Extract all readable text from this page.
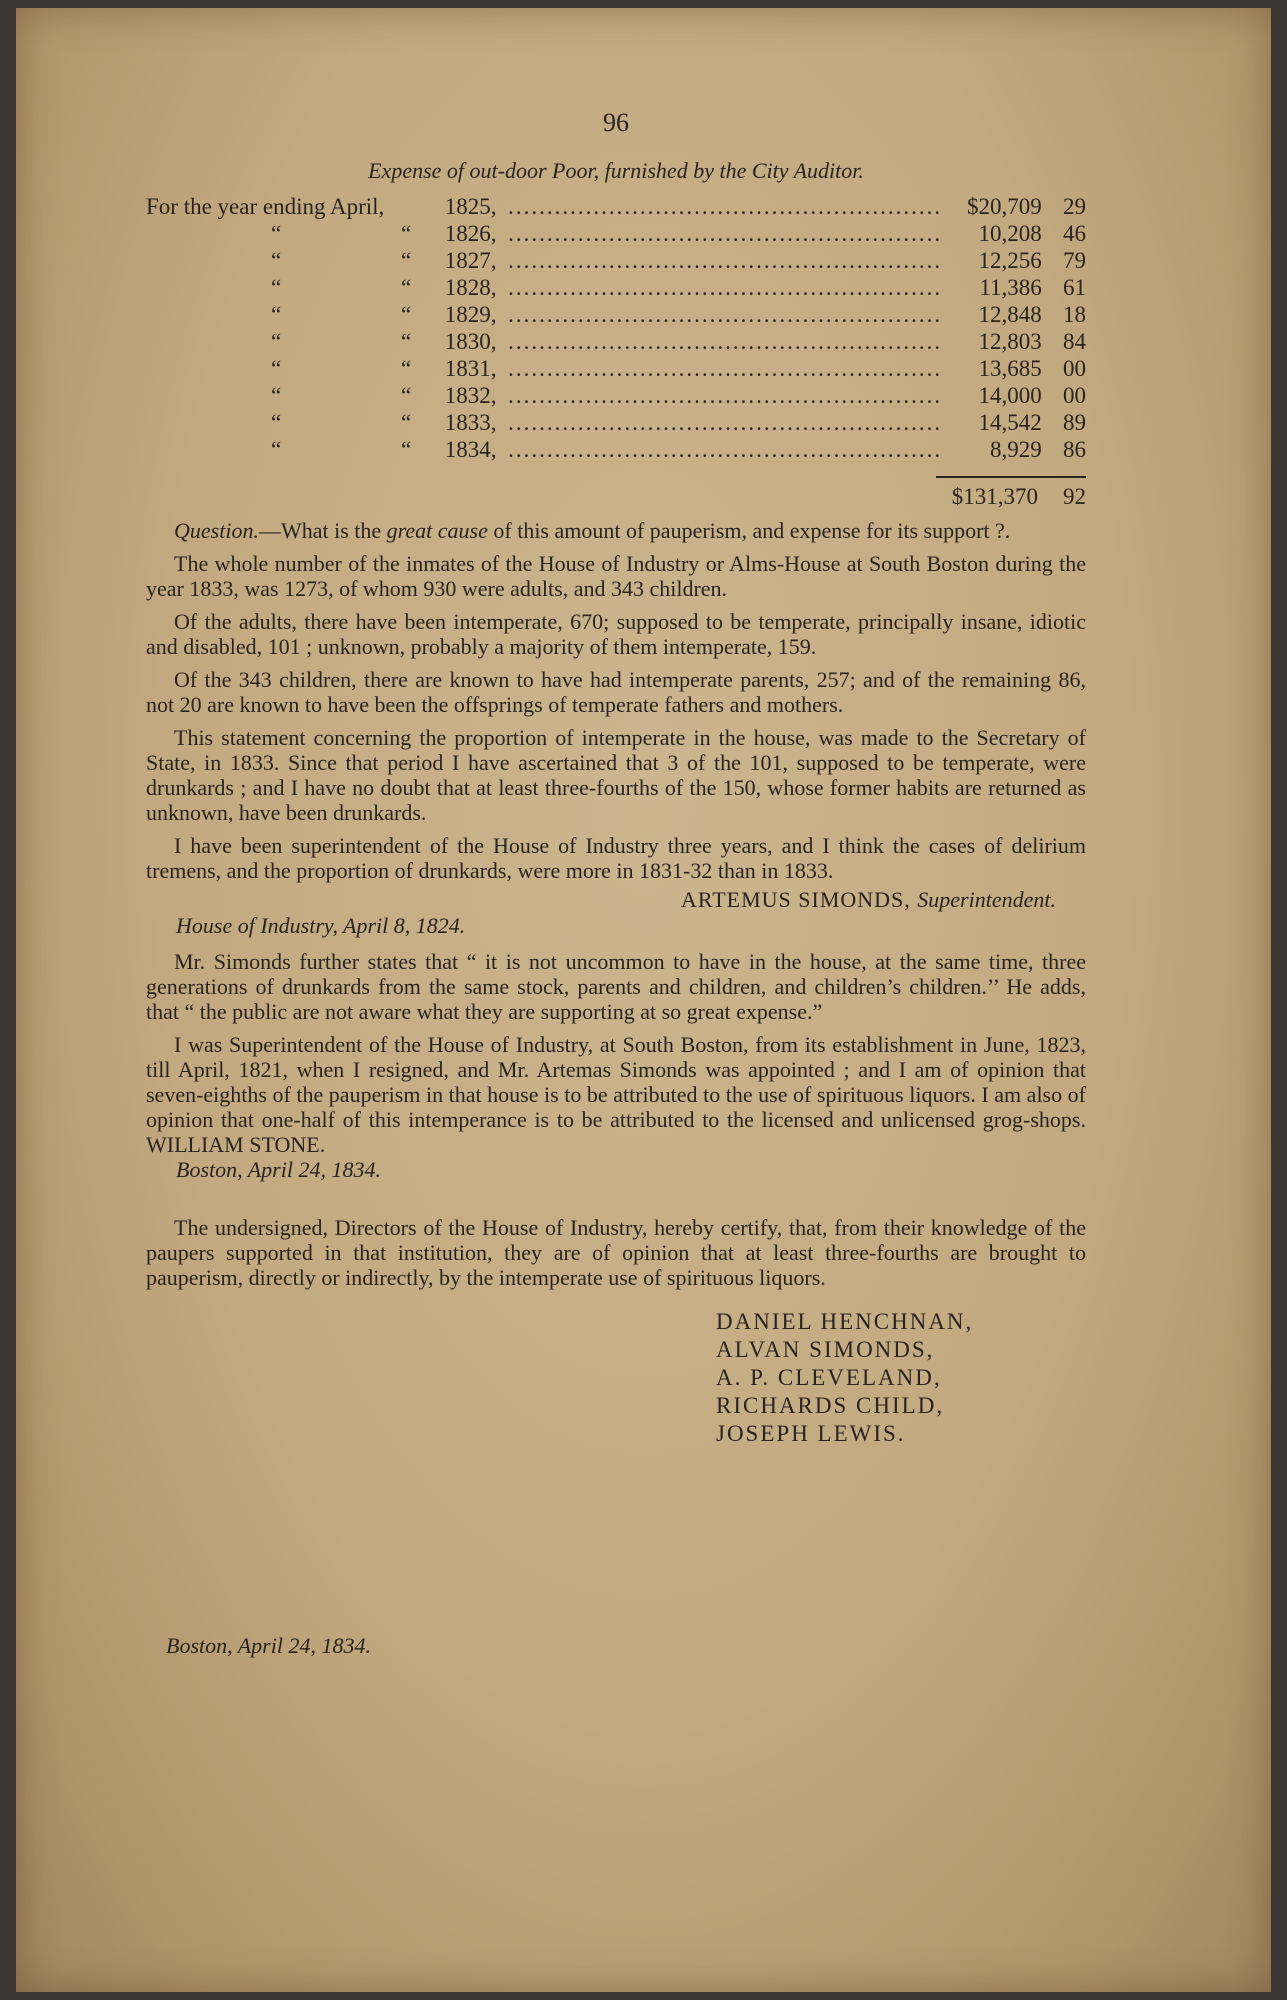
96
Expense of out-door Poor, furnished by the City Auditor.
For the year ending April,	1825, ........................................................	$20,709 29
“	“ 1826, ........................................................	10,208 46
“	“ 1827, ........................................................	12,256 79
“	“ 1828, ........................................................	11,386 61
“	“ 1829, ........................................................	12,848 18
“	“ 1830, ........................................................	12,803 84
“	“ 1831, ........................................................	13,685 00
“	“ 1832, ........................................................	14,000 00
“	“ 1833, ........................................................	14,542 89
“	“ 1834, ........................................................	8,929 86
$131,370	92

Question.—What is the great cause of this amount of pauperism, and expense for its support ?.

The whole number of the inmates of the House of Industry or Alms-House at South Boston during the year 1833, was 1273, of whom 930 were adults, and 343 children.

Of the adults, there have been intemperate, 670; supposed to be temperate, principally insane, idiotic and disabled, 101 ; unknown, probably a majority of them intemperate, 159.

Of the 343 children, there are known to have had intemperate parents, 257; and of the remaining 86, not 20 are known to have been the offsprings of temperate fathers and mothers.

This statement concerning the proportion of intemperate in the house, was made to the Secretary of State, in 1833. Since that period I have ascertained that 3 of the 101, supposed to be temperate, were drunkards ; and I have no doubt that at least three-fourths of the 150, whose former habits are returned as unknown, have been drunkards.

I have been superintendent of the House of Industry three years, and I think the cases of delirium tremens, and the proportion of drunkards, were more in 1831-32 than in 1833.

ARTEMUS SIMONDS, Superintendent.
House of Industry, April 8, 1824.

Mr. Simonds further states that “ it is not uncommon to have in the house, at the same time, three generations of drunkards from the same stock, parents and children, and children’s children.’’ He adds, that “ the public are not aware what they are supporting at so great expense.”

I was Superintendent of the House of Industry, at South Boston, from its establishment in June, 1823, till April, 1821, when I resigned, and Mr. Artemas Simonds was appointed ; and I am of opinion that seven-eighths of the pauperism in that house is to be attributed to the use of spirituous liquors. I am also of opinion that one-half of this intemperance is to be attributed to the licensed and unlicensed grog-shops. WILLIAM STONE.

Boston, April 24, 1834.

The undersigned, Directors of the House of Industry, hereby certify, that, from their knowledge of the paupers supported in that institution, they are of opinion that at least three-fourths are brought to pauperism, directly or indirectly, by the intemperate use of spirituous liquors.

DANIEL HENCHNAN,
ALVAN SIMONDS,
A. P. CLEVELAND,
RICHARDS CHILD,
JOSEPH LEWIS.
Boston, April 24, 1834.
